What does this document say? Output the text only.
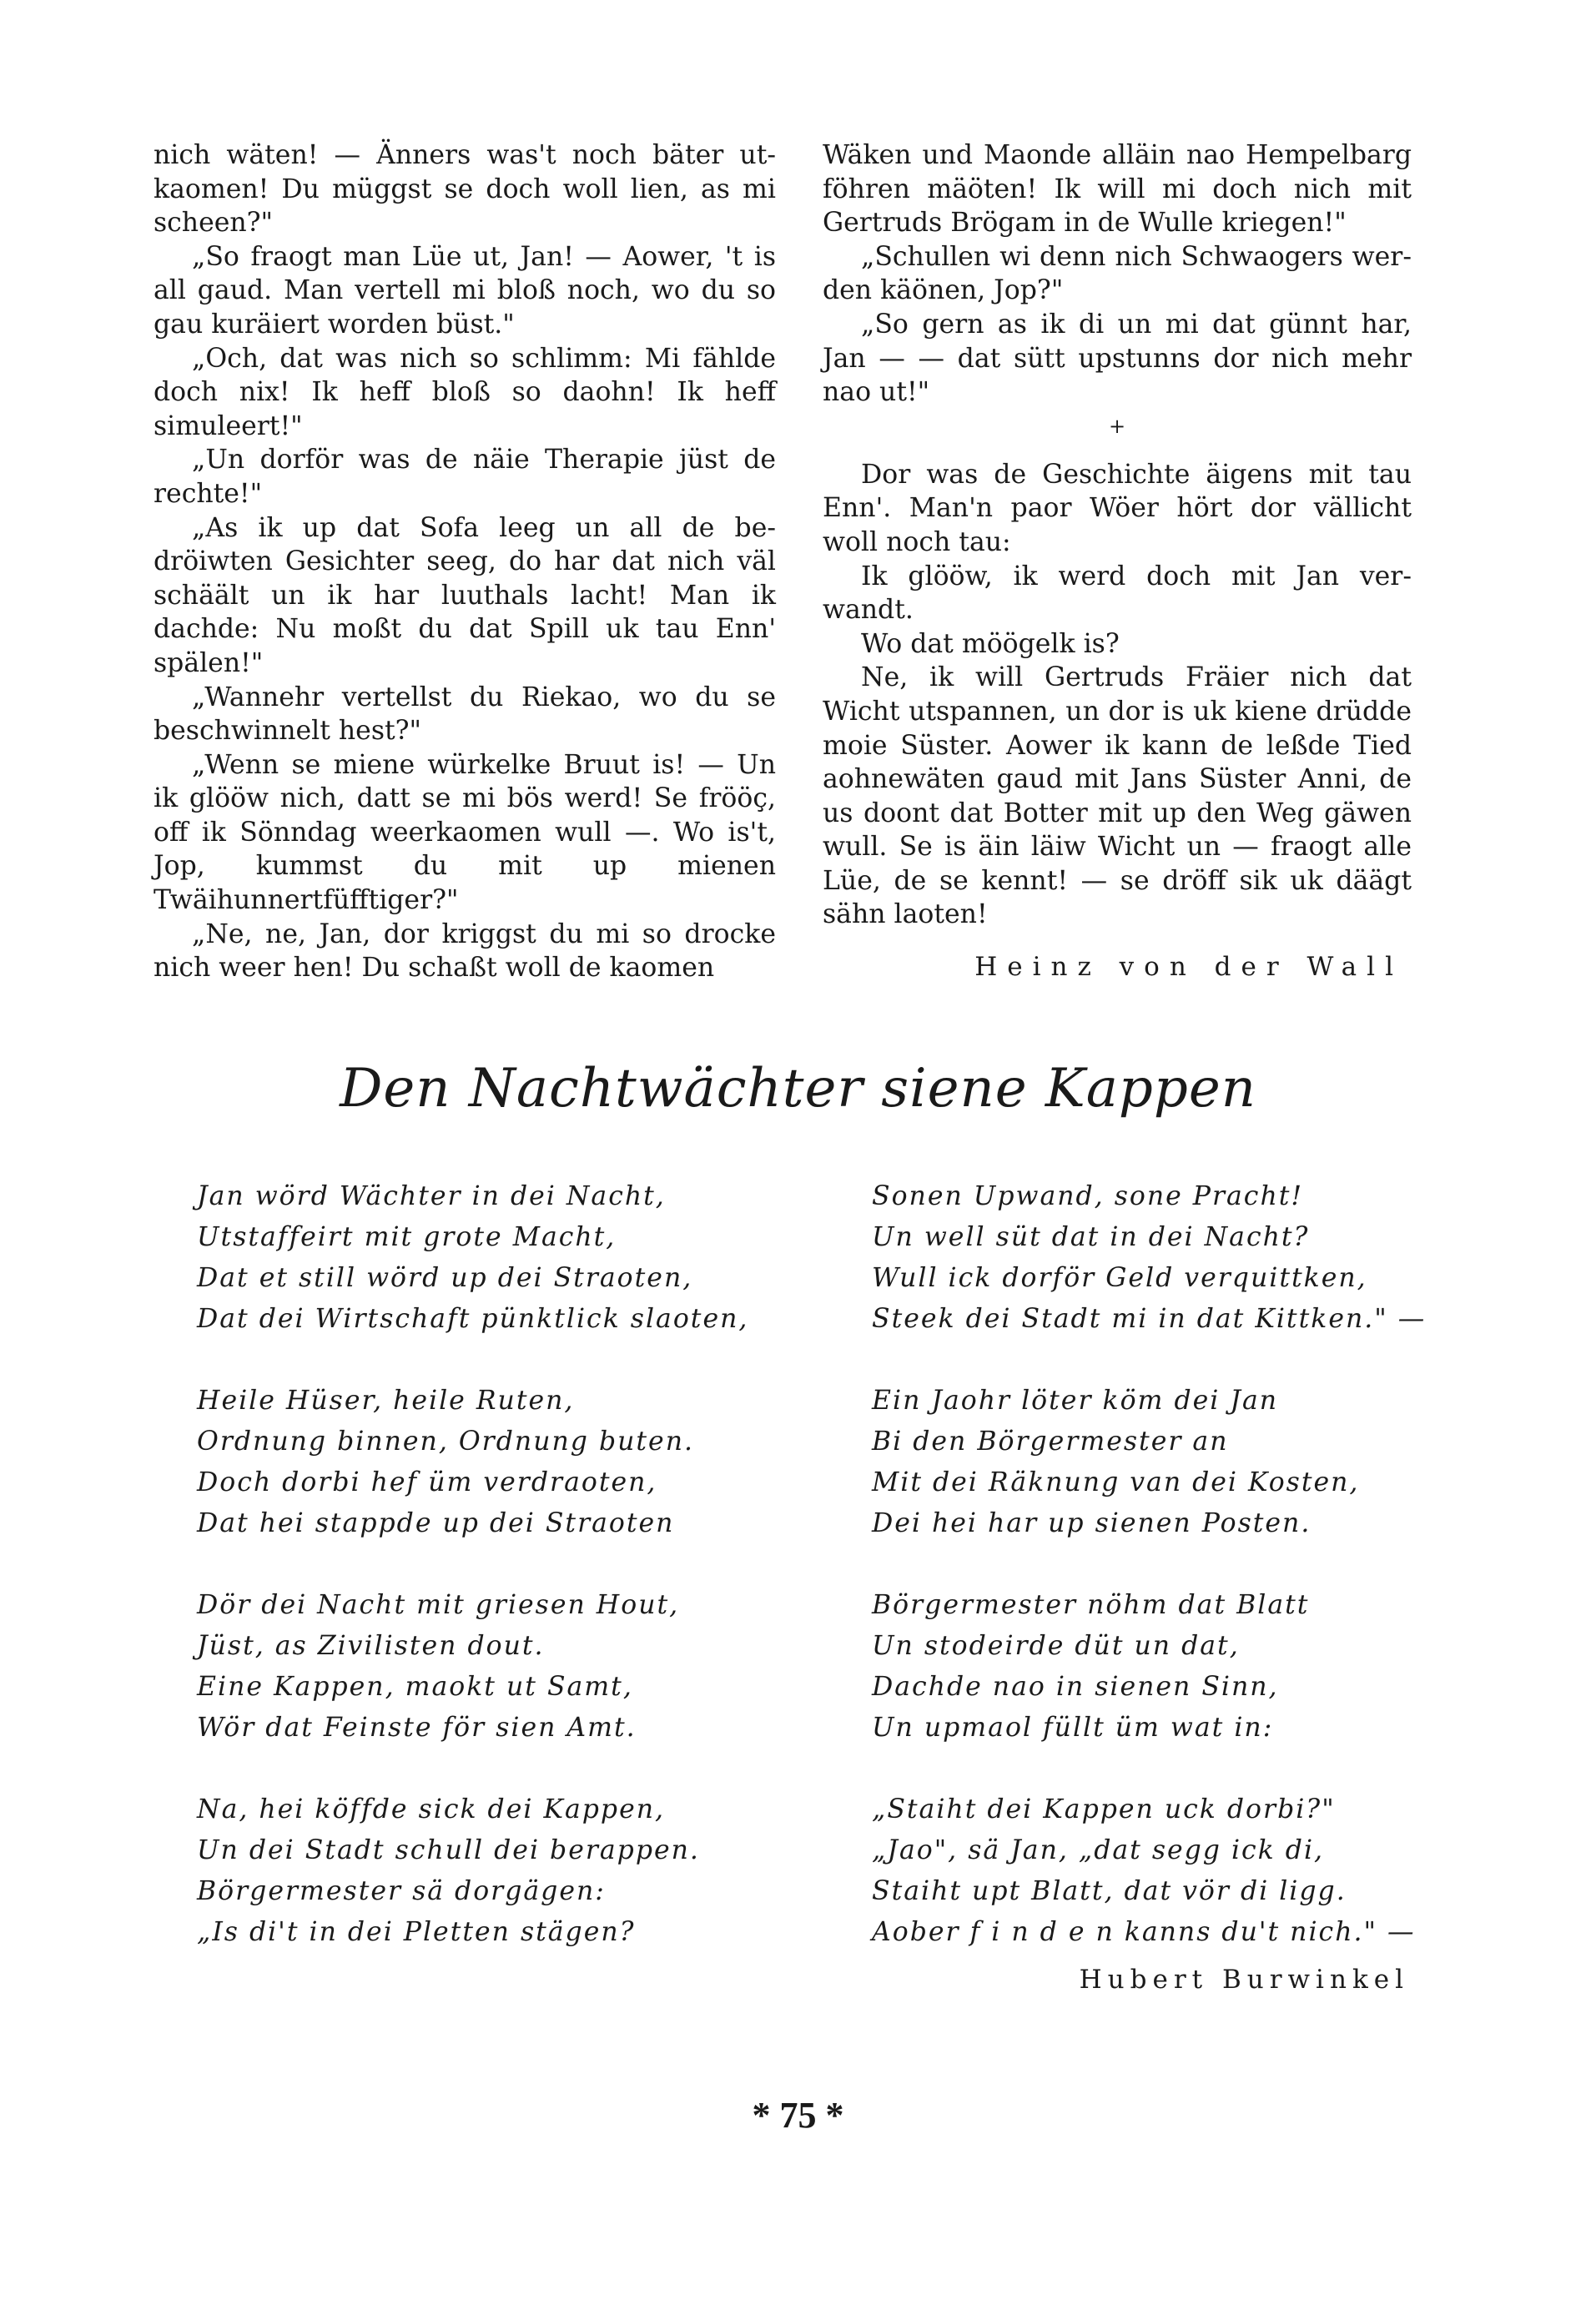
nich wäten! — Änners was't noch bäter ut-kaomen! Du müggst se doch woll lien, as mi scheen?"

„So fraogt man Lüe ut, Jan! — Aower, 't is all gaud. Man vertell mi bloß noch, wo du so gau kuräiert worden büst."

„Och, dat was nich so schlimm: Mi fählde doch nix! Ik heff bloß so daohn! Ik heff simuleert!"

„Un dorför was de näie Therapie jüst de rechte!"

„As ik up dat Sofa leeg un all de be-dröiwten Gesichter seeg, do har dat nich väl schäält un ik har luuthals lacht! Man ik dachde: Nu moßt du dat Spill uk tau Enn' spälen!"

„Wannehr vertellst du Riekao, wo du se beschwinnelt hest?"

„Wenn se miene würkelke Bruut is! — Un ik glööw nich, datt se mi bös werd! Se frööç, off ik Sönndag weerkaomen wull —. Wo is't, Jop, kummst du mit up mienen Twäihunnertfüfftiger?"

„Ne, ne, Jan, dor kriggst du mi so drocke nich weer hen! Du schaßt woll de kaomen

Wäken und Maonde alläin nao Hempelbarg föhren mäöten! Ik will mi doch nich mit Gertruds Brögam in de Wulle kriegen!"

„Schullen wi denn nich Schwaogers wer-den käönen, Jop?"

„So gern as ik di un mi dat günnt har, Jan — — dat sütt upstunns dor nich mehr nao ut!"

+

Dor was de Geschichte äigens mit tau Enn'. Man'n paor Wöer hört dor vällicht woll noch tau:

Ik glööw, ik werd doch mit Jan ver-wandt.

Wo dat möögelk is?

Ne, ik will Gertruds Fräier nich dat Wicht utspannen, un dor is uk kiene drüdde moie Süster. Aower ik kann de leßde Tied aohnewäten gaud mit Jans Süster Anni, de us doont dat Botter mit up den Weg gäwen wull. Se is äin läiw Wicht un — fraogt alle Lüe, de se kennt! — se dröff sik uk däägt sähn laoten!

Heinz von der Wall
Den Nachtwächter siene Kappen
Jan wörd Wächter in dei Nacht,
Utstaffeirt mit grote Macht,
Dat et still wörd up dei Straoten,
Dat dei Wirtschaft pünktlick slaoten,
Heile Hüser, heile Ruten,
Ordnung binnen, Ordnung buten.
Doch dorbi hef üm verdraoten,
Dat hei stappde up dei Straoten
Dör dei Nacht mit griesen Hout,
Jüst, as Zivilisten dout.
Eine Kappen, maokt ut Samt,
Wör dat Feinste för sien Amt.
Na, hei köffde sick dei Kappen,
Un dei Stadt schull dei berappen.
Börgermester sä dorgägen:
„Is di't in dei Pletten stägen?
Sonen Upwand, sone Pracht!
Un well süt dat in dei Nacht?
Wull ick dorför Geld verquittken,
Steek dei Stadt mi in dat Kittken." —
Ein Jaohr löter köm dei Jan
Bi den Börgermester an
Mit dei Räknung van dei Kosten,
Dei hei har up sienen Posten.
Börgermester nöhm dat Blatt
Un stodeirde düt un dat,
Dachde nao in sienen Sinn,
Un upmaol füllt üm wat in:
„Staiht dei Kappen uck dorbi?"
„Jao", sä Jan, „dat segg ick di,
Staiht upt Blatt, dat vör di ligg.
Aober f i n d e n kanns du't nich." —
Hubert Burwinkel
* 75 *
